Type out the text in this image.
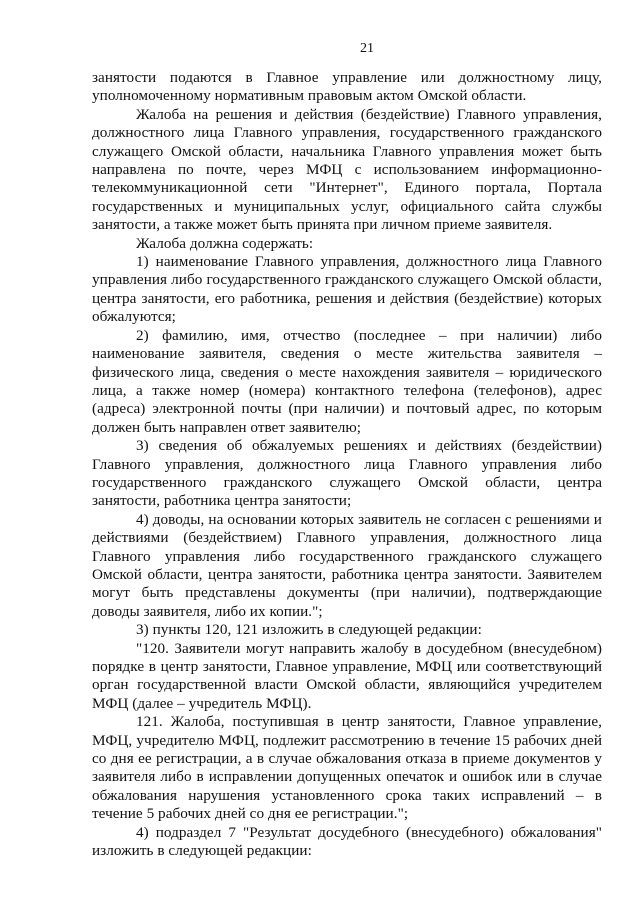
21

занятости подаются в Главное управление или должностному лицу, уполномоченному нормативным правовым актом Омской области.

Жалоба на решения и действия (бездействие) Главного управления, должностного лица Главного управления, государственного гражданского служащего Омской области, начальника Главного управления может быть направлена по почте, через МФЦ с использованием информационно-телекоммуникационной сети "Интернет", Единого портала, Портала государственных и муниципальных услуг, официального сайта службы занятости, а также может быть принята при личном приеме заявителя.

Жалоба должна содержать:

1) наименование Главного управления, должностного лица Главного управления либо государственного гражданского служащего Омской области, центра занятости, его работника, решения и действия (бездействие) которых обжалуются;

2) фамилию, имя, отчество (последнее – при наличии) либо наименование заявителя, сведения о месте жительства заявителя – физического лица, сведения о месте нахождения заявителя – юридического лица, а также номер (номера) контактного телефона (телефонов), адрес (адреса) электронной почты (при наличии) и почтовый адрес, по которым должен быть направлен ответ заявителю;

3) сведения об обжалуемых решениях и действиях (бездействии) Главного управления, должностного лица Главного управления либо государственного гражданского служащего Омской области, центра занятости, работника центра занятости;

4) доводы, на основании которых заявитель не согласен с решениями и действиями (бездействием) Главного управления, должностного лица Главного управления либо государственного гражданского служащего Омской области, центра занятости, работника центра занятости. Заявителем могут быть представлены документы (при наличии), подтверждающие доводы заявителя, либо их копии.";

3) пункты 120, 121 изложить в следующей редакции:

"120. Заявители могут направить жалобу в досудебном (внесудебном) порядке в центр занятости, Главное управление, МФЦ или соответствующий орган государственной власти Омской области, являющийся учредителем МФЦ (далее – учредитель МФЦ).

121. Жалоба, поступившая в центр занятости, Главное управление, МФЦ, учредителю МФЦ, подлежит рассмотрению в течение 15 рабочих дней со дня ее регистрации, а в случае обжалования отказа в приеме документов у заявителя либо в исправлении допущенных опечаток и ошибок или в случае обжалования нарушения установленного срока таких исправлений – в течение 5 рабочих дней со дня ее регистрации.";

4) подраздел 7 "Результат досудебного (внесудебного) обжалования" изложить в следующей редакции:
